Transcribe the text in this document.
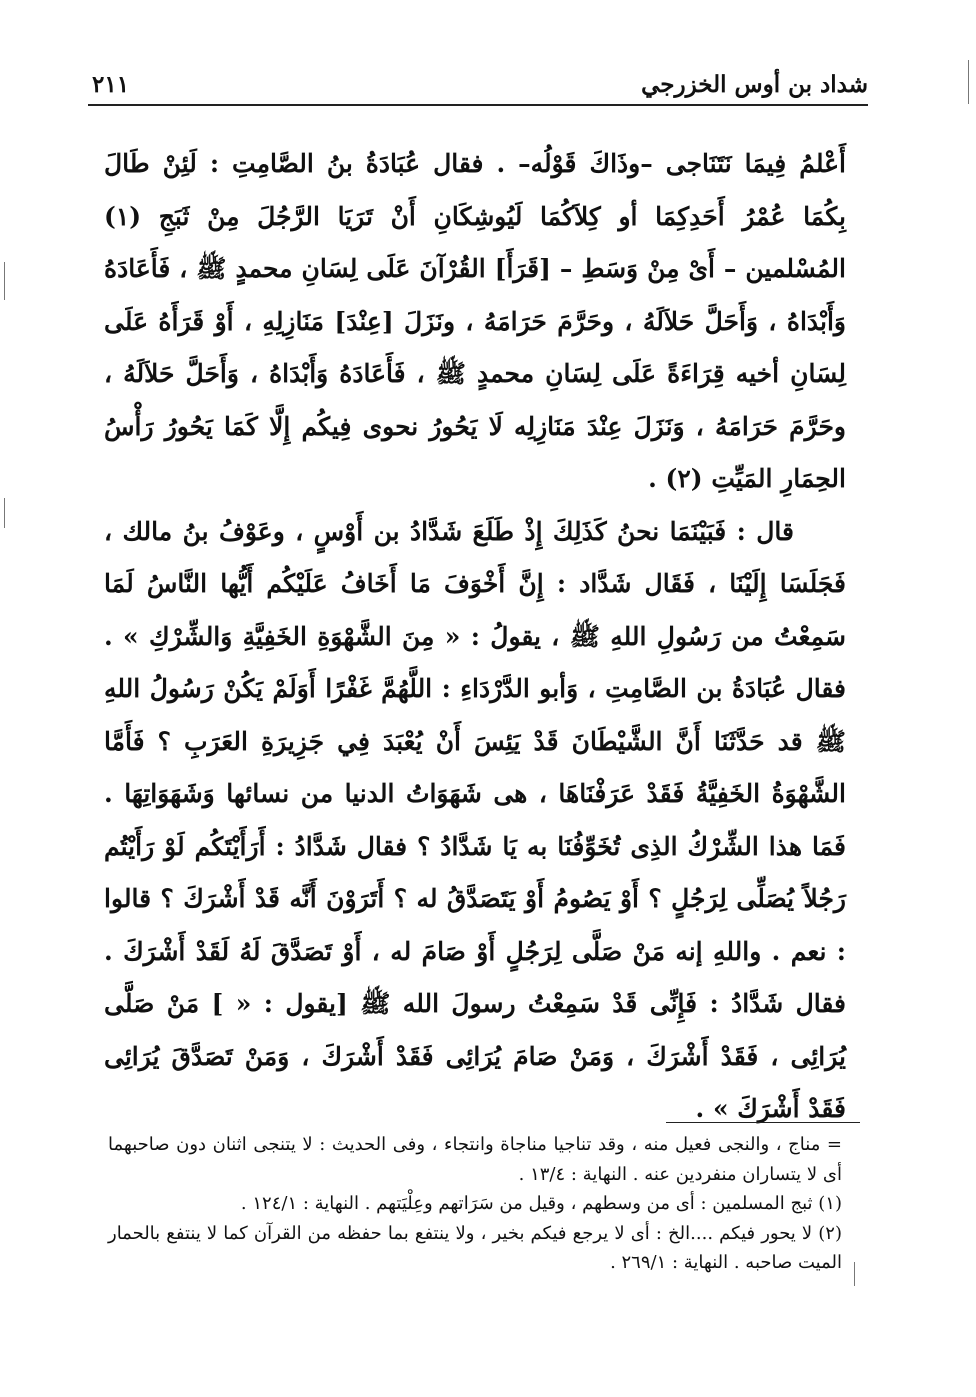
شداد بن أوس الخزرجي
٢١١

أَعْلمُ فِيمَا نَتَنَاجى –وذَاكَ قَوْلُه– . فقال عُبَادَةُ بنُ الصَّامِتِ : لَئِنْ طَالَ بِكُمَا عُمْرُ أَحَدِكِمَا أو كِلاَكُمَا لَيُوشِكَانِ أَنْ تَرَيَا الرَّجُلَ مِنْ ثَبَجِ (١) المُسْلمين – أَىْ مِنْ وَسَطِ – [قَرَأَ] القُرْآنَ عَلَى لِسَانِ محمدٍ ﷺ ، فَأَعَادَهُ وَأَبْدَاهُ ، وَأَحَلَّ حَلاَلَهُ ، وحَرَّمَ حَرَامَهُ ، ونَزَلَ [عِنْدَ] مَنَازِلِهِ ، أَوْ قَرَأَهُ عَلَى لِسَانِ أخيه قِرَاءَةً عَلَى لِسَانِ محمدٍ ﷺ ، فَأَعَادَهُ وَأَبْدَاهُ ، وَأَحَلَّ حَلاَلَهُ ، وحَرَّمَ حَرَامَهُ ، وَنَزَلَ عِنْدَ مَنَازِلِه لَا يَحُورُ نحوى فِيكُم إِلَّا كَمَا يَحُورُ رَأْسُ الحِمَارِ المَيِّتِ (٢) .

قال : فَبَيْنَمَا نحنُ كَذَلِكَ إِذْ طَلَعَ شَدَّادُ بن أَوْسٍ ، وعَوْفُ بنُ مالك ، فَجَلَسَا إِلَيْنَا ، فَقَال شَدَّاد : إِنَّ أَخْوَفَ مَا أَخَافُ عَلَيْكُم أَيُّها النَّاسُ لَمَا سَمِعْتُ من رَسُولِ اللهِ ﷺ ، يقولُ : « مِنَ الشَّهْوَةِ الخَفِيَّةِ وَالشِّرْكِ » . فقال عُبَادَةُ بن الصَّامِتِ ، وَأبو الدَّرْدَاءِ : اللَّهُمَّ غَفْرًا أَوَلَمْ يَكُنْ رَسُولُ اللهِ ﷺ قد حَدَّثَنَا أَنَّ الشَّيْطَانَ قَدْ يَئِسَ أَنْ يُعْبَدَ فِي جَزِيرَةِ العَرَبِ ؟ فَأَمَّا الشَّهْوَةُ الخَفِيَّةُ فَقَدْ عَرَفْنَاهَا ، هى شَهَوَاتُ الدنيا من نسائها وَشَهَوَاتِهَا . فَمَا هذا الشِّرْكُ الذِى تُخَوِّفُنَا به يَا شَدَّادُ ؟ فقال شَدَّادُ : أَرَأَيْتَكُم لَوْ رَأَيْتُم رَجُلاً يُصَلِّى لِرَجُلٍ ؟ أَوْ يَصُومُ أَوْ يَتَصَدَّقُ له ؟ أَتَرَوْنَ أَنَّه قَدْ أَشْرَكَ ؟ قالوا : نعم . واللهِ إنه مَنْ صَلَّى لِرَجُلٍ أَوْ صَامَ له ، أَوْ تَصَدَّقَ لَهُ لَقَدْ أَشْرَكَ . فقال شَدَّادُ : فَإِنِّى قَدْ سَمِعْتُ رسولَ الله ﷺ [يقول : « ] مَنْ صَلَّى يُرَائِى ، فَقَدْ أَشْرَكَ ، وَمَنْ صَامَ يُرَائِى فَقَدْ أَشْرَكَ ، وَمَنْ تَصَدَّقَ يُرَائِى فَقَدْ أَشْرَكَ » .

= مناج ، والنجى فعيل منه ، وقد تناجيا مناجاة وانتجاء ، وفى الحديث : لا يتنجى اثنان دون صاحبهما أى لا يتساران منفردين عنه . النهاية : ١٣/٤ .

(١) ثبج المسلمين : أى من وسطهم ، وقيل من سَرَاتهم وعِلْيَتهم . النهاية : ١٢٤/١ .

(٢) لا يحور فيكم ....الخ : أى لا يرجع فيكم بخير ، ولا ينتفع بما حفظه من القرآن كما لا ينتفع بالحمار الميت صاحبه . النهاية : ٢٦٩/١ .
